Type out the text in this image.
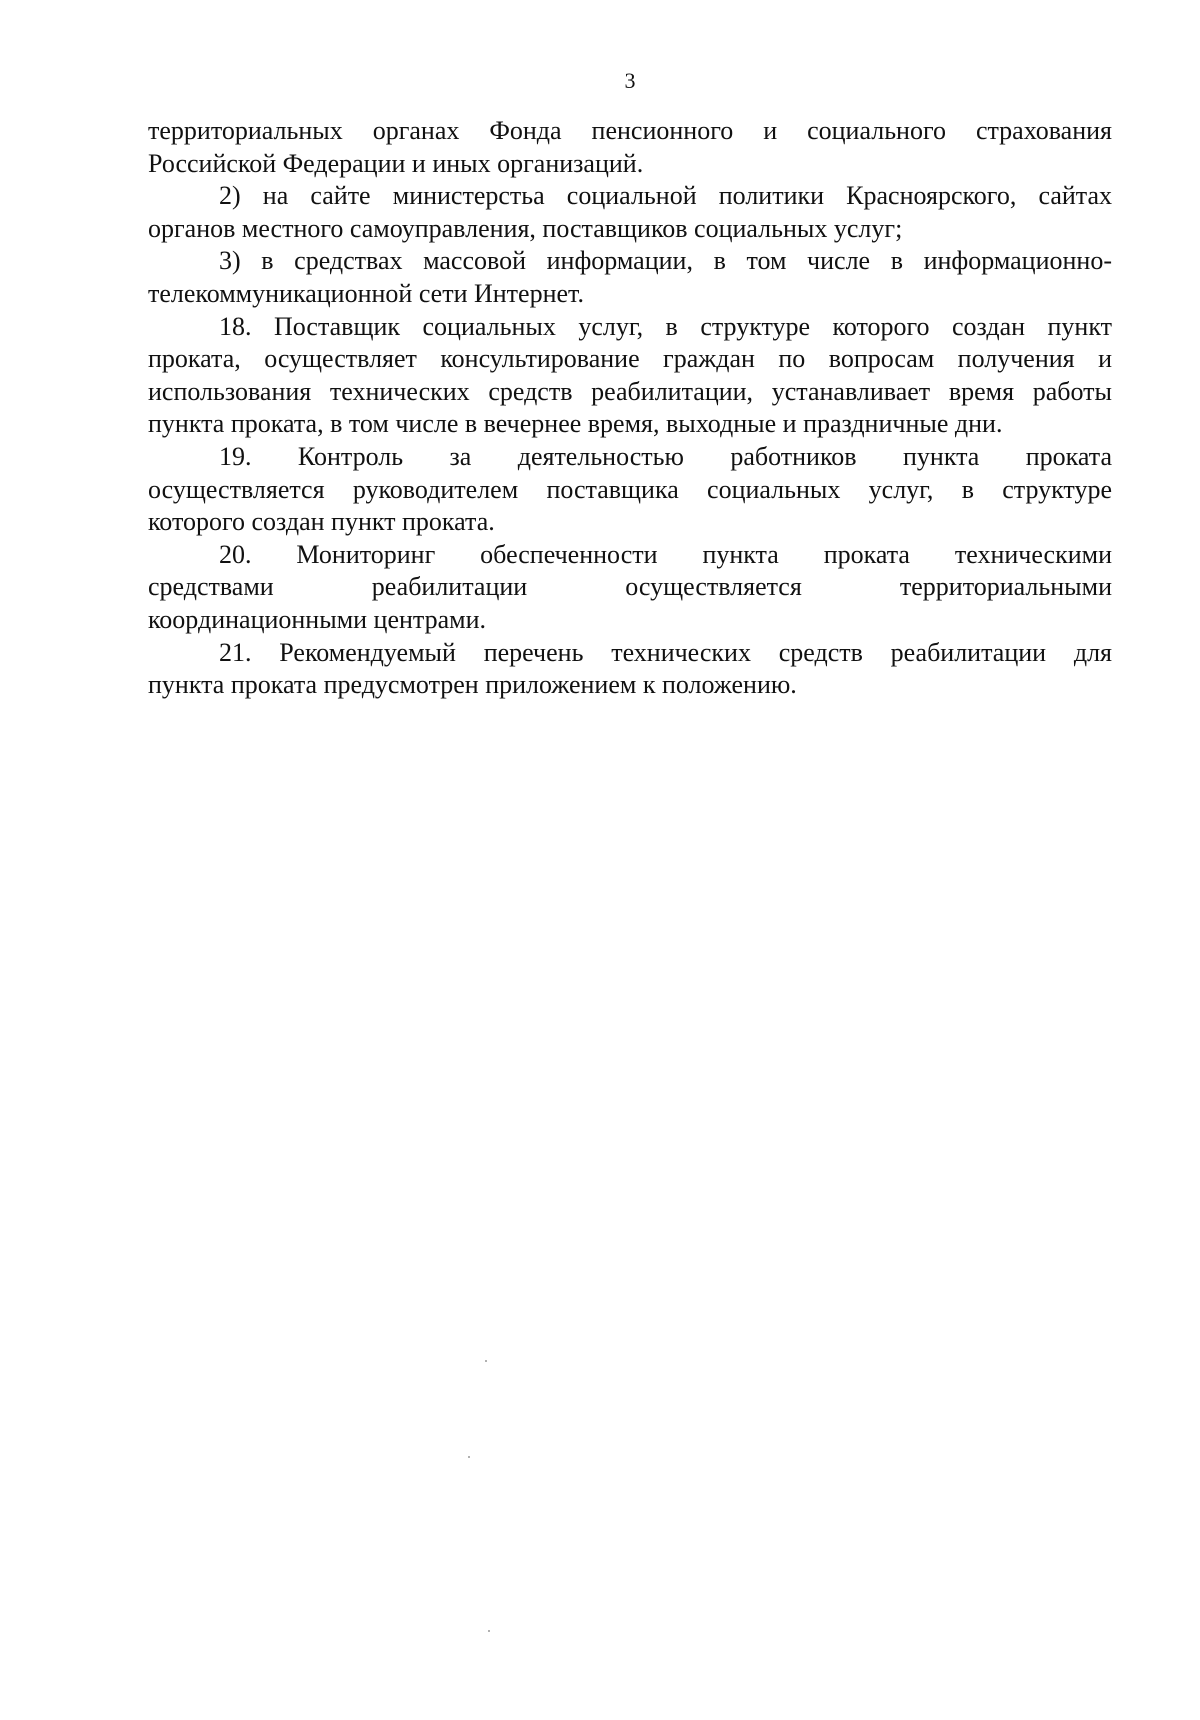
3

территориальных органах Фонда пенсионного и социального страхования
Российской Федерации и иных организаций.

2) на сайте министерстьа социальной политики Красноярского, сайтах
органов местного самоуправления, поставщиков социальных услуг;

3) в средствах массовой информации, в том числе в информационно-
телекоммуникационной сети Интернет.

18. Поставщик социальных услуг, в структуре которого создан пункт
проката, осуществляет консультирование граждан по вопросам получения и
использования технических средств реабилитации, устанавливает время работы
пункта проката, в том числе в вечернее время, выходные и праздничные дни.

19. Контроль за деятельностью работников пункта проката
осуществляется руководителем поставщика социальных услуг, в структуре
которого создан пункт проката.

20. Мониторинг обеспеченности пункта проката техническими
средствами реабилитации осуществляется территориальными
координационными центрами.

21. Рекомендуемый перечень технических средств реабилитации для
пункта проката предусмотрен приложением к положению.
